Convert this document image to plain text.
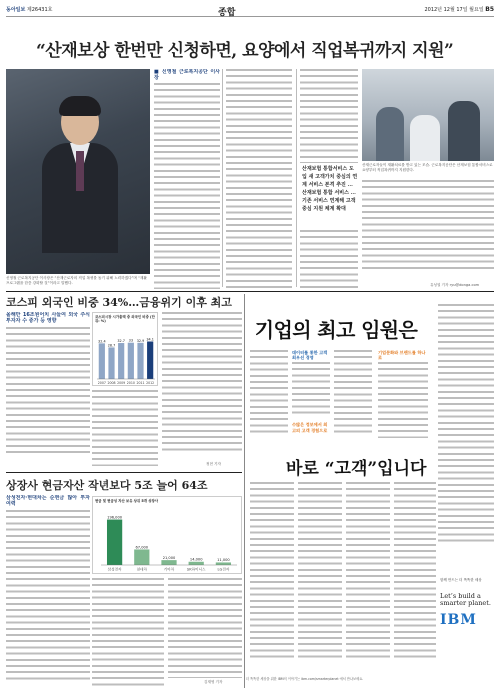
동아일보 제26431호	종합	2012년 12월 17일 월요일 B5
“산재보상 한번만 신청하면, 요양에서 직업복귀까지 지원”
신영철 근로복지공단 이사장은 “산재근로자의 직업 복귀를 돕기 위해 노력하겠다”며 “재활 프로그램을 한층 강화할 것”이라고 말했다.
■ 신영철 근로복지공단 이사장
산재보험 통합서비스 도입 새 고객가치 중심의 연계 서비스 본격 추진 ... 산재보험 통합 서비스 ... 기존 서비스 연계해 고객 중심 지원 체계 확대
산재근로자들이 재활치료를 받고 있는 모습. 근로복지공단은 산재보험 통합서비스로 요양부터 직업복귀까지 지원한다.
유성열 기자 ryu@donga.com
코스피 외국인 비중 34%…금융위기 이후 최고
올해만 16조원어치 사들여 외국 주식 투자자 수 증가 등 영향
코스피시장 시가총액 중 외국인 비중 (단위: %)
32.4
2007
28.7
2008
32.7
2009
33
2010
32.9
2011
34.1
2012
정현 기자
상장사 현금자산 작년보다 5조 늘어 64조
삼성전자·현대차는 순현금 많아 투자 여력	현금 및 현금성 자산 보유 상위 5개 상장사
196,000
삼성전자
67,000
현대차
21,000
기아차
14,000
SK하이닉스
11,000
LG전자
김재영 기자
기업의 최고 임원은
데이터를 통한 고객 최우선 경영
수많은 정보에서 최고의 고객 경험으로
기업문화와 브랜드를 하나로
바로 “고객”입니다
함께 만드는 더 똑똑한 세상
Let’s build a smarter planet.
IBM
더 똑똑한 세상을 위한 IBM의 이야기는 ibm.com/smarterplanet 에서 만나보세요.
